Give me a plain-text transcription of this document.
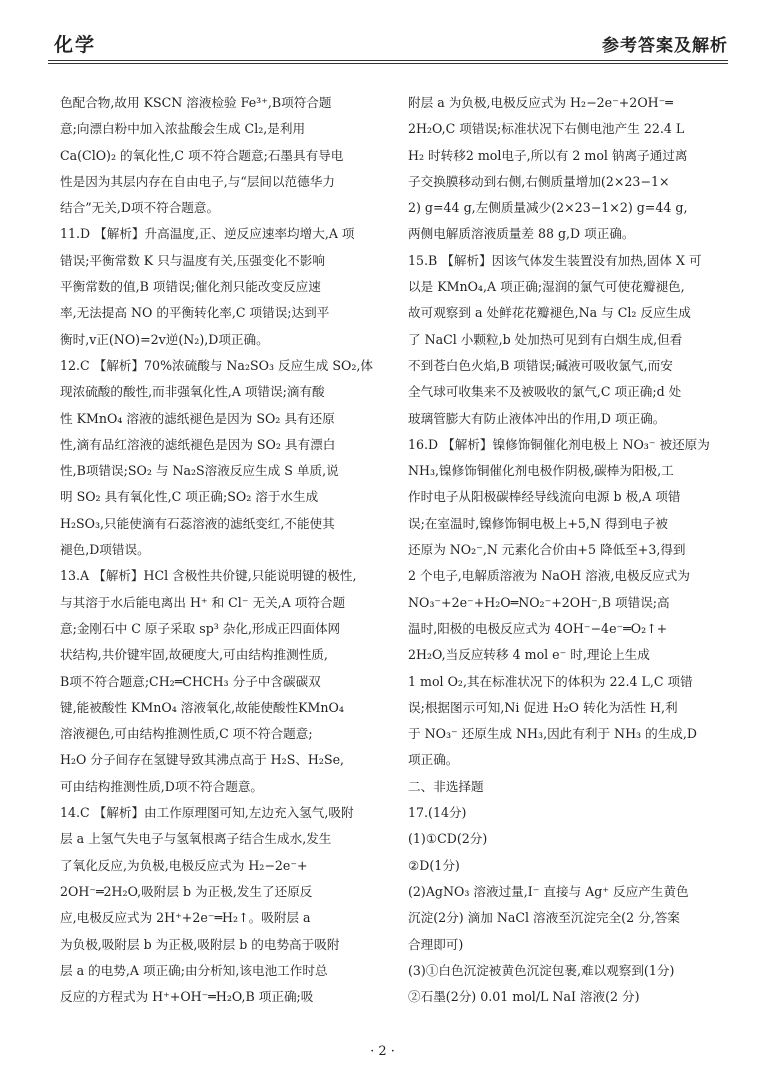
化学	参考答案及解析
色配合物,故用 KSCN 溶液检验 Fe³⁺,B项符合题
意;向漂白粉中加入浓盐酸会生成 Cl₂,是利用
Ca(ClO)₂ 的氧化性,C 项不符合题意;石墨具有导电
性是因为其层内存在自由电子,与“层间以范德华力
结合”无关,D项不符合题意。
11.D 【解析】升高温度,正、逆反应速率均增大,A 项
错误;平衡常数 K 只与温度有关,压强变化不影响
平衡常数的值,B 项错误;催化剂只能改变反应速
率,无法提高 NO 的平衡转化率,C 项错误;达到平
衡时,v正(NO)=2v逆(N₂),D项正确。
12.C 【解析】70%浓硫酸与 Na₂SO₃ 反应生成 SO₂,体
现浓硫酸的酸性,而非强氧化性,A 项错误;滴有酸
性 KMnO₄ 溶液的滤纸褪色是因为 SO₂ 具有还原
性,滴有品红溶液的滤纸褪色是因为 SO₂ 具有漂白
性,B项错误;SO₂ 与 Na₂S溶液反应生成 S 单质,说
明 SO₂ 具有氧化性,C 项正确;SO₂ 溶于水生成
H₂SO₃,只能使滴有石蕊溶液的滤纸变红,不能使其
褪色,D项错误。
13.A 【解析】HCl 含极性共价键,只能说明键的极性,
与其溶于水后能电离出 H⁺ 和 Cl⁻ 无关,A 项符合题
意;金刚石中 C 原子采取 sp³ 杂化,形成正四面体网
状结构,共价键牢固,故硬度大,可由结构推测性质,
B项不符合题意;CH₂═CHCH₃ 分子中含碳碳双
键,能被酸性 KMnO₄ 溶液氧化,故能使酸性KMnO₄
溶液褪色,可由结构推测性质,C 项不符合题意;
H₂O 分子间存在氢键导致其沸点高于 H₂S、H₂Se,
可由结构推测性质,D项不符合题意。
14.C 【解析】由工作原理图可知,左边充入氢气,吸附
层 a 上氢气失电子与氢氧根离子结合生成水,发生
了氧化反应,为负极,电极反应式为 H₂−2e⁻+
2OH⁻═2H₂O,吸附层 b 为正极,发生了还原反
应,电极反应式为 2H⁺+2e⁻═H₂↑。吸附层 a
为负极,吸附层 b 为正极,吸附层 b 的电势高于吸附
层 a 的电势,A 项正确;由分析知,该电池工作时总
反应的方程式为 H⁺+OH⁻═H₂O,B 项正确;吸
附层 a 为负极,电极反应式为 H₂−2e⁻+2OH⁻═
2H₂O,C 项错误;标准状况下右侧电池产生 22.4 L
H₂ 时转移2 mol电子,所以有 2 mol 钠离子通过离
子交换膜移动到右侧,右侧质量增加(2×23−1×
2) g=44 g,左侧质量减少(2×23−1×2) g=44 g,
两侧电解质溶液质量差 88 g,D 项正确。
15.B 【解析】因该气体发生装置没有加热,固体 X 可
以是 KMnO₄,A 项正确;湿润的氯气可使花瓣褪色,
故可观察到 a 处鲜花花瓣褪色,Na 与 Cl₂ 反应生成
了 NaCl 小颗粒,b 处加热可见到有白烟生成,但看
不到苍白色火焰,B 项错误;碱液可吸收氯气,而安
全气球可收集来不及被吸收的氯气,C 项正确;d 处
玻璃管膨大有防止液体冲出的作用,D 项正确。
16.D 【解析】镍修饰铜催化剂电极上 NO₃⁻ 被还原为
NH₃,镍修饰铜催化剂电极作阴极,碳棒为阳极,工
作时电子从阳极碳棒经导线流向电源 b 极,A 项错
误;在室温时,镍修饰铜电极上+5,N 得到电子被
还原为 NO₂⁻,N 元素化合价由+5 降低至+3,得到
2 个电子,电解质溶液为 NaOH 溶液,电极反应式为
NO₃⁻+2e⁻+H₂O═NO₂⁻+2OH⁻,B 项错误;高
温时,阳极的电极反应式为 4OH⁻−4e⁻═O₂↑+
2H₂O,当反应转移 4 mol e⁻ 时,理论上生成
1 mol O₂,其在标准状况下的体积为 22.4 L,C 项错
误;根据图示可知,Ni 促进 H₂O 转化为活性 H,利
于 NO₃⁻ 还原生成 NH₃,因此有利于 NH₃ 的生成,D
项正确。
二、非选择题
17.(14分)
(1)①CD(2分)
②D(1分)
(2)AgNO₃ 溶液过量,I⁻ 直接与 Ag⁺ 反应产生黄色
沉淀(2分) 滴加 NaCl 溶液至沉淀完全(2 分,答案
合理即可)
(3)①白色沉淀被黄色沉淀包裹,难以观察到(1分)
②石墨(2分) 0.01 mol/L NaI 溶液(2 分)
· 2 ·
